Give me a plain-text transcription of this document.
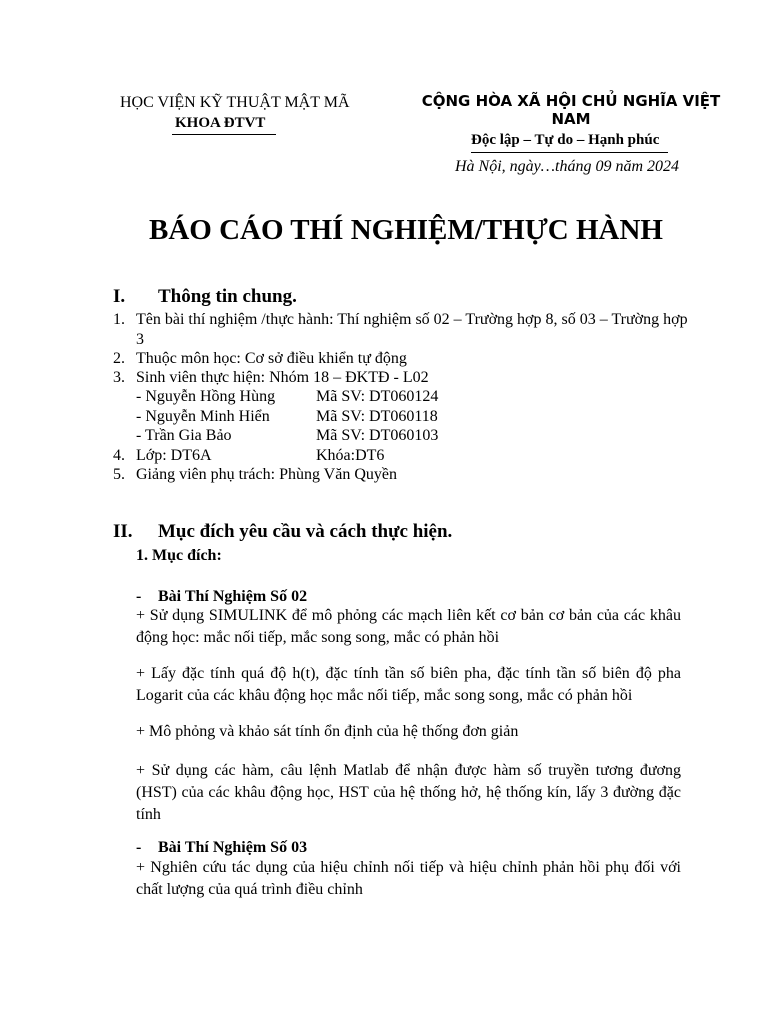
HỌC VIỆN KỸ THUẬT MẬT MÃ
KHOA ĐTVT
CỘNG HÒA XÃ HỘI CHỦ NGHĨA VIỆT NAM
Độc lập – Tự do – Hạnh phúc
Hà Nội, ngày…tháng 09 năm 2024
BÁO CÁO THÍ NGHIỆM/THỰC HÀNH
I. Thông tin chung.
1. Tên bài thí nghiệm /thực hành: Thí nghiệm số 02 – Trường hợp 8, số 03 – Trường hợp
3
2. Thuộc môn học: Cơ sở điều khiển tự động
3. Sinh viên thực hiện: Nhóm 18 – ĐKTĐ - L02
- Nguyễn Hồng Hùng	Mã SV: DT060124
- Nguyễn Minh Hiển	Mã SV: DT060118
- Trần Gia Bảo	Mã SV: DT060103
4. Lớp: DT6A	Khóa:DT6
5. Giảng viên phụ trách: Phùng Văn Quyền
II. Mục đích yêu cầu và cách thực hiện.
1. Mục đích:
- Bài Thí Nghiệm Số 02
+ Sử dụng SIMULINK để mô phỏng các mạch liên kết cơ bản cơ bản của các khâu động học: mắc nối tiếp, mắc song song, mắc có phản hồi
+ Lấy đặc tính quá độ h(t), đặc tính tần số biên pha, đặc tính tần số biên độ pha Logarit của các khâu động học mắc nối tiếp, mắc song song, mắc có phản hồi
+ Mô phỏng và khảo sát tính ổn định của hệ thống đơn giản
+ Sử dụng các hàm, câu lệnh Matlab để nhận được hàm số truyền tương đương (HST) của các khâu động học, HST của hệ thống hở, hệ thống kín, lấy 3 đường đặc tính
- Bài Thí Nghiệm Số 03
+ Nghiên cứu tác dụng của hiệu chỉnh nối tiếp và hiệu chỉnh phản hồi phụ đối với chất lượng của quá trình điều chỉnh
